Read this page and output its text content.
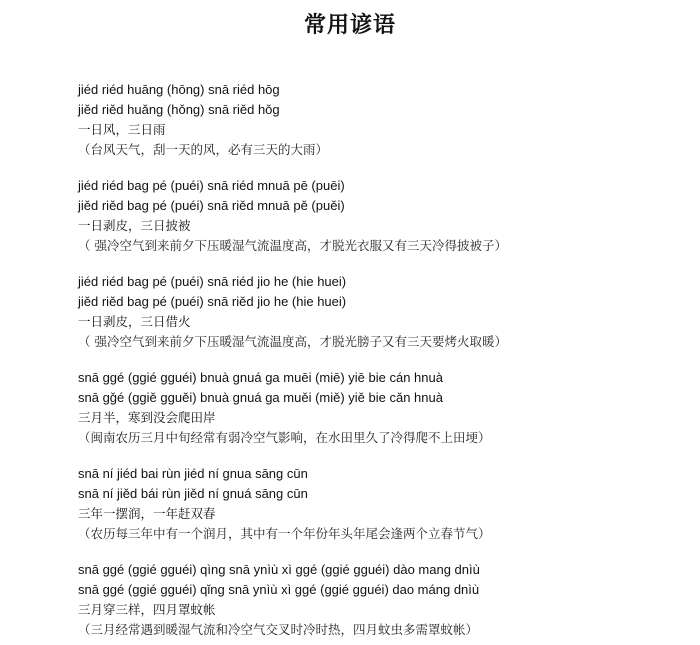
常用谚语
jiéd riéd huāng (hōng) snā riéd hōg
jiěd riěd huǎng (hǒng) snā riěd hǒg
一日风，三日雨
（台风天气，刮一天的风，必有三天的大雨）
jiéd riéd bag pé (puéi) snā riéd mnuā pē (puēi)
jiěd riěd bag pé (puéi) snā riěd mnuā pě (puěi)
一日剥皮，三日披被
（ 强冷空气到来前夕下压暖湿气流温度高，才脱光衣服又有三天冷得披被子）
jiéd riéd bag pé (puéi) snā riéd jio he (hie huei)
jiěd riěd bag pé (puéi) snā riěd jio he (hie huei)
一日剥皮，三日借火
（ 强冷空气到来前夕下压暖湿气流温度高，才脱光膀子又有三天要烤火取暖）
snā ggé (ggié gguéi) bnuà gnuá ga muēi (miē) yiē bie cán hnuà
snā gǧé (ggiě gguěi) bnuà gnuá ga muěi (miě) yiě bie cǎn hnuà
三月半，寒到没会爬田岸
（闽南农历三月中旬经常有弱冷空气影响，在水田里久了冷得爬不上田埂）
snā ní jiéd bai rùn jiéd ní gnua sāng cūn
snā ní jiěd bái rùn jiěd ní gnuá sāng cūn
三年一摆润，一年赶双春
（农历每三年中有一个润月，其中有一个年份年头年尾会逢两个立春节气）
snā ggé (ggié gguéi) qìng snā ynìù xì ggé (ggié gguéi) dào mang dnìù
snā ggé (ggié gguéi) qǐng snā ynìù xì ggé (ggié gguéi) dao máng dnìù
三月穿三样，四月罩蚊帐
（三月经常遇到暖湿气流和冷空气交叉时冷时热，四月蚊虫多需罩蚊帐）
